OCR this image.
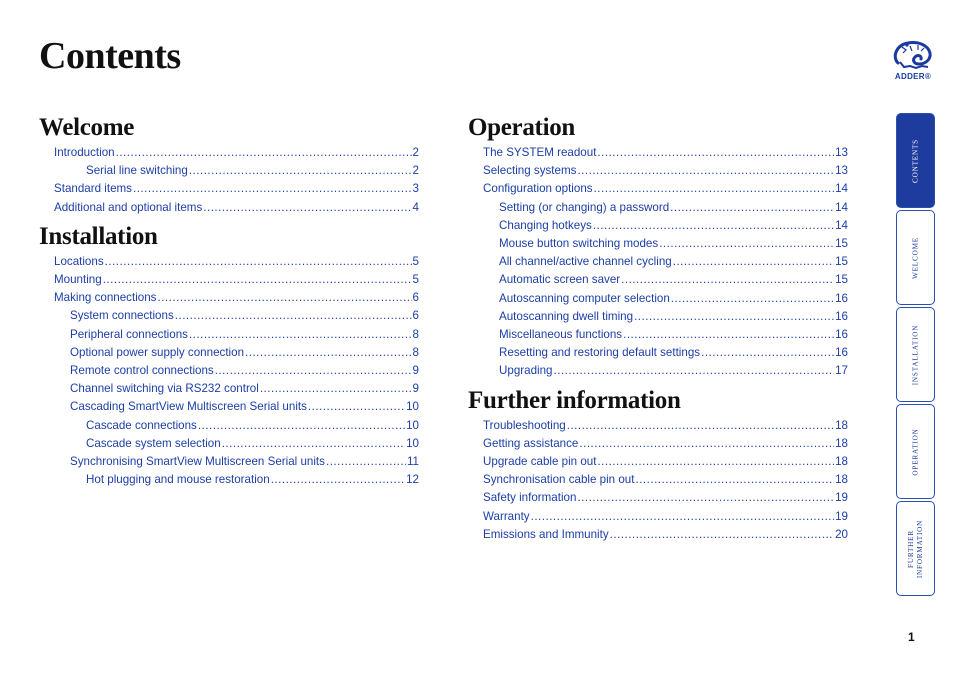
Contents	ADDER®
Welcome
Introduction .....	2
Serial line switching .....	2
Standard items .....	3
Additional and optional items .....	4
Installation
Locations .....	5
Mounting .....	5
Making connections .....	6
System connections .....	6
Peripheral connections .....	8
Optional power supply connection .....	8
Remote control connections .....	9
Channel switching via RS232 control .....	9
Cascading SmartView Multiscreen Serial units .....	10
Cascade connections .....	10
Cascade system selection .....	10
Synchronising SmartView Multiscreen Serial units .....	11
Hot plugging and mouse restoration .....	12
Operation
The SYSTEM readout .....	13
Selecting systems .....	13
Configuration options .....	14
Setting (or changing) a password .....	14
Changing hotkeys .....	14
Mouse button switching modes .....	15
All channel/active channel cycling .....	15
Automatic screen saver .....	15
Autoscanning computer selection .....	16
Autoscanning dwell timing .....	16
Miscellaneous functions .....	16
Resetting and restoring default settings .....	16
Upgrading .....	17
Further information
Troubleshooting .....	18
Getting assistance .....	18
Upgrade cable pin out .....	18
Synchronisation cable pin out .....	18
Safety information .....	19
Warranty .....	19
Emissions and Immunity .....	20
CONTENTS
WELCOME
INSTALLATION
OPERATION
FURTHER
INFORMATION
1
